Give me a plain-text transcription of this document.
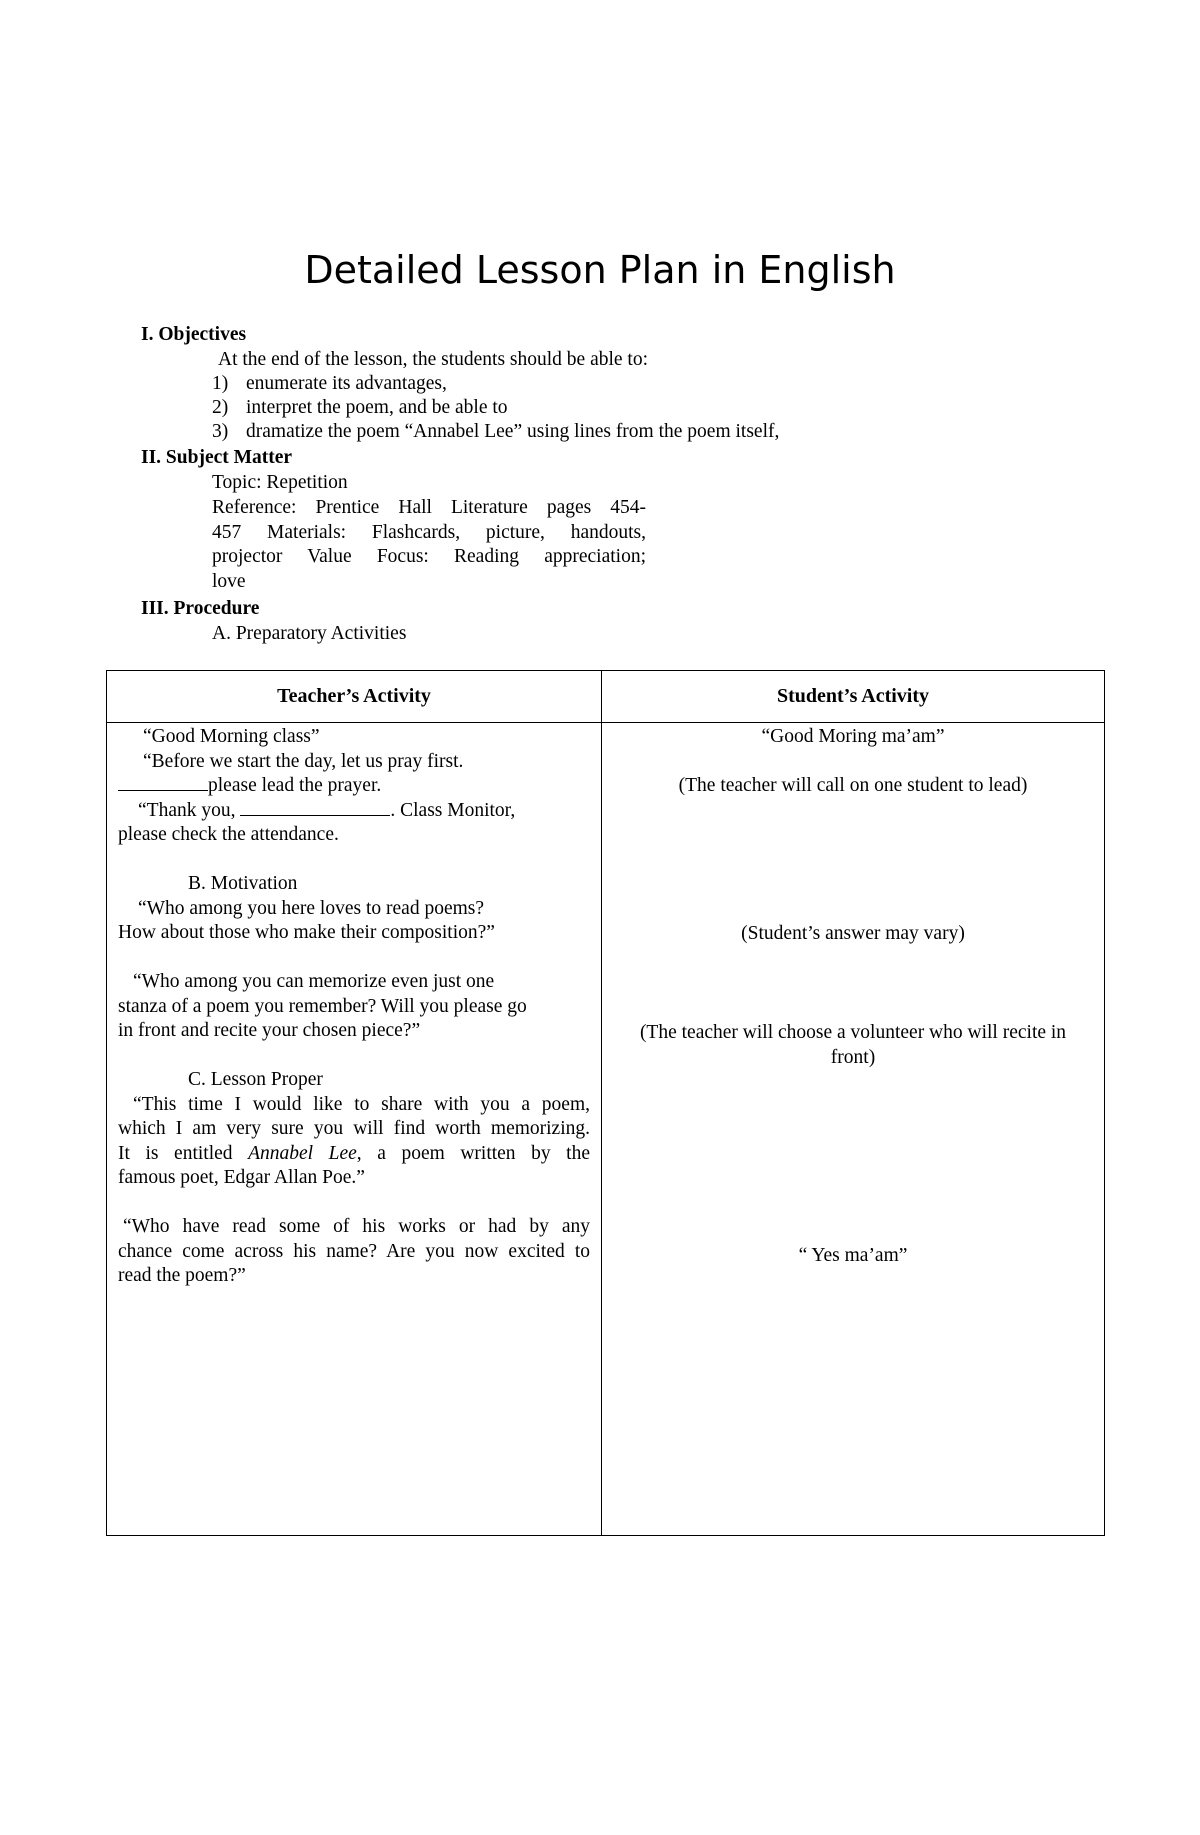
Detailed Lesson Plan in English
I. Objectives
At the end of the lesson, the students should be able to:
1) enumerate its advantages,
2) interpret the poem, and be able to
3) dramatize the poem “Annabel Lee” using lines from the poem itself,
II. Subject Matter
Topic: Repetition
Reference: Prentice Hall Literature pages 454-
457 Materials: Flashcards, picture, handouts,
projector Value Focus: Reading appreciation;
love
III. Procedure
A. Preparatory Activities
Teacher’s Activity	Student’s Activity
“Good Morning class”
“Before we start the day, let us pray first.
please lead the prayer.
“Thank you,	. Class Monitor,
please check the attendance.
B. Motivation
“Who among you here loves to read poems?
How about those who make their composition?”
“Who among you can memorize even just one
stanza of a poem you remember? Will you please go
in front and recite your chosen piece?”
C. Lesson Proper
“This time I would like to share with you a poem,
which I am very sure you will find worth memorizing.
It is entitled Annabel Lee, a poem written by the
famous poet, Edgar Allan Poe.”
“Who have read some of his works or had by any
chance come across his name? Are you now excited to
read the poem?”
“Good Moring ma’am”
(The teacher will call on one student to lead)
(Student’s answer may vary)
(The teacher will choose a volunteer who will recite in
front)
“ Yes ma’am”
